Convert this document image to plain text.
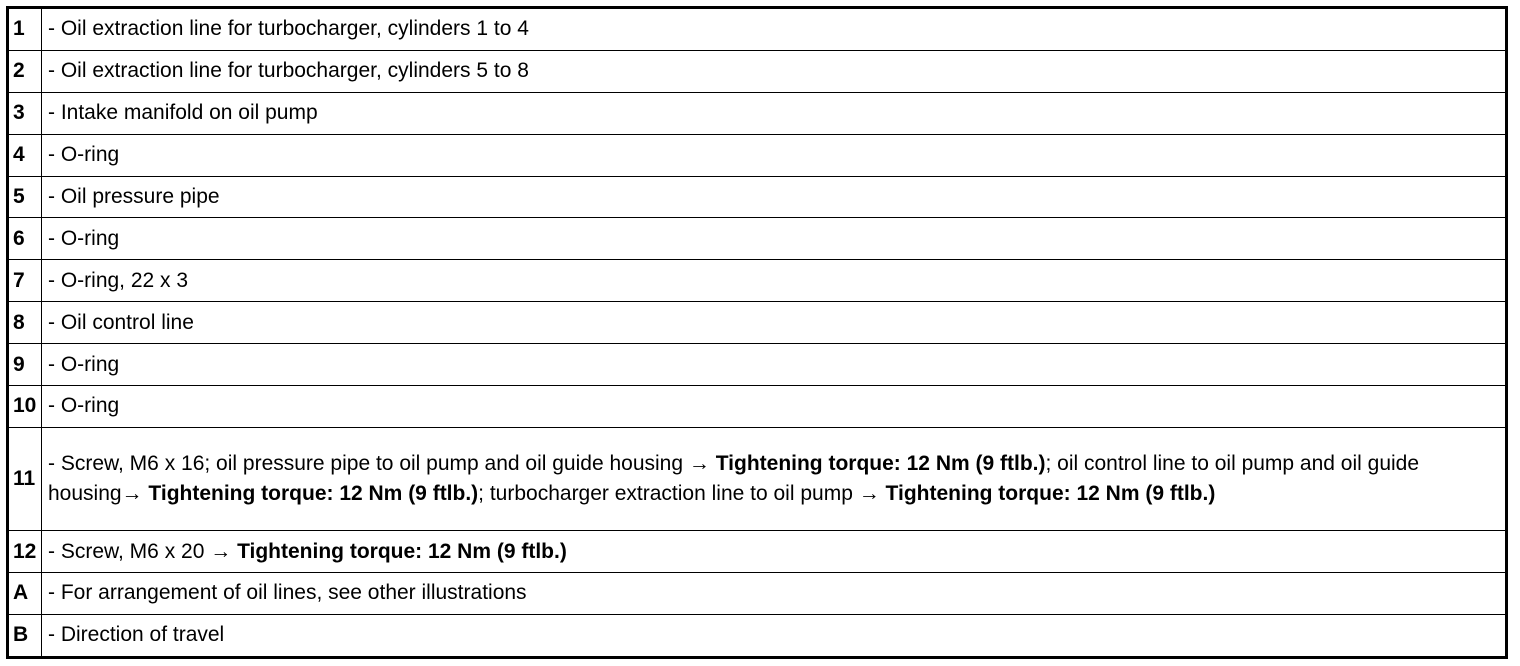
1	- Oil extraction line for turbocharger, cylinders 1 to 4
2	- Oil extraction line for turbocharger, cylinders 5 to 8
3	- Intake manifold on oil pump
4	- O-ring
5	- Oil pressure pipe
6	- O-ring
7	- O-ring, 22 x 3
8	- Oil control line
9	- O-ring
10	- O-ring
11	- Screw, M6 x 16; oil pressure pipe to oil pump and oil guide housing → Tightening torque: 12 Nm (9 ftlb.); oil control line to oil pump and oil guide housing→ Tightening torque: 12 Nm (9 ftlb.); turbocharger extraction line to oil pump → Tightening torque: 12 Nm (9 ftlb.)
12	- Screw, M6 x 20 → Tightening torque: 12 Nm (9 ftlb.)
A	- For arrangement of oil lines, see other illustrations
B	- Direction of travel
